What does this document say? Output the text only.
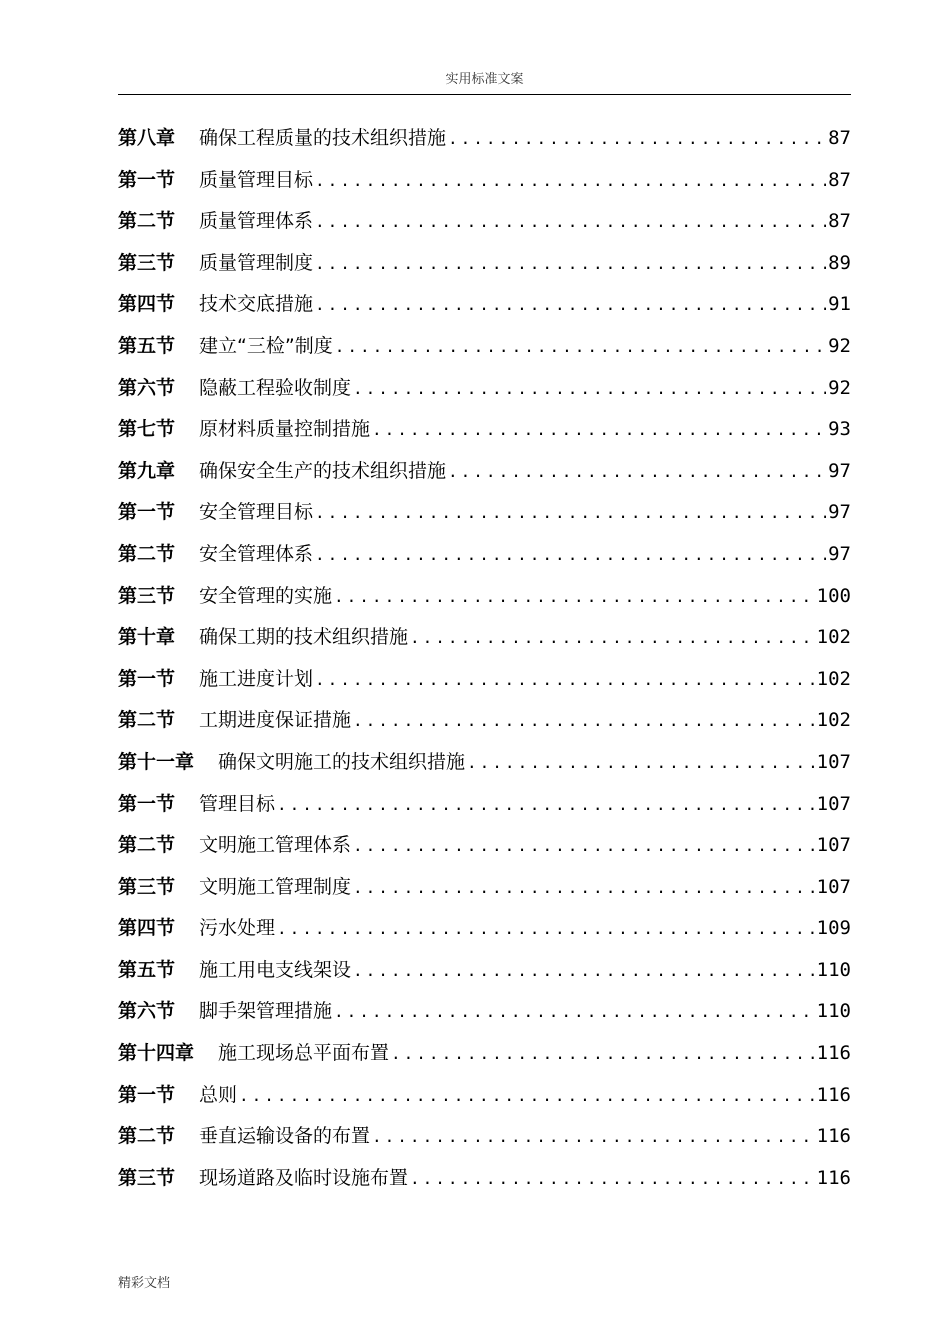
实用标准文案
第八章 确保工程质量的技术组织措施 .....	87
第一节 质量管理目标 .....	87
第二节 质量管理体系 .....	87
第三节 质量管理制度 .....	89
第四节 技术交底措施 .....	91
第五节 建立“三检”制度 .....	92
第六节 隐蔽工程验收制度 .....	92
第七节 原材料质量控制措施 .....	93
第九章 确保安全生产的技术组织措施 .....	97
第一节 安全管理目标 .....	97
第二节 安全管理体系 .....	97
第三节 安全管理的实施 .....	100
第十章 确保工期的技术组织措施 .....	102
第一节 施工进度计划 .....	102
第二节 工期进度保证措施 .....	102
第十一章 确保文明施工的技术组织措施 .....	107
第一节 管理目标 .....	107
第二节 文明施工管理体系 .....	107
第三节 文明施工管理制度 .....	107
第四节 污水处理 .....	109
第五节 施工用电支线架设 .....	110
第六节 脚手架管理措施 .....	110
第十四章 施工现场总平面布置 .....	116
第一节 总则 .....	116
第二节 垂直运输设备的布置 .....	116
第三节 现场道路及临时设施布置 .....	116
精彩文档
